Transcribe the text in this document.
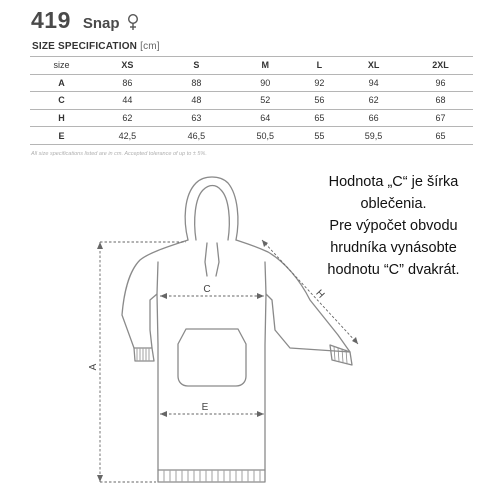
419 Snap
SIZE SPECIFICATION [cm]
size	XS	S	M	L	XL	2XL
A	86	88	90	92	94	96
C	44	48	52	56	62	68
H	62	63	64	65	66	67
E	42,5	46,5	50,5	55	59,5	65
All size specifications listed are in cm. Accepted tolerance of up to ± 5%.
A
C
E
H
Hodnota „C“ je šírka
oblečenia.
Pre výpočet obvodu
hrudníka vynásobte
hodnotu “C” dvakrát.
